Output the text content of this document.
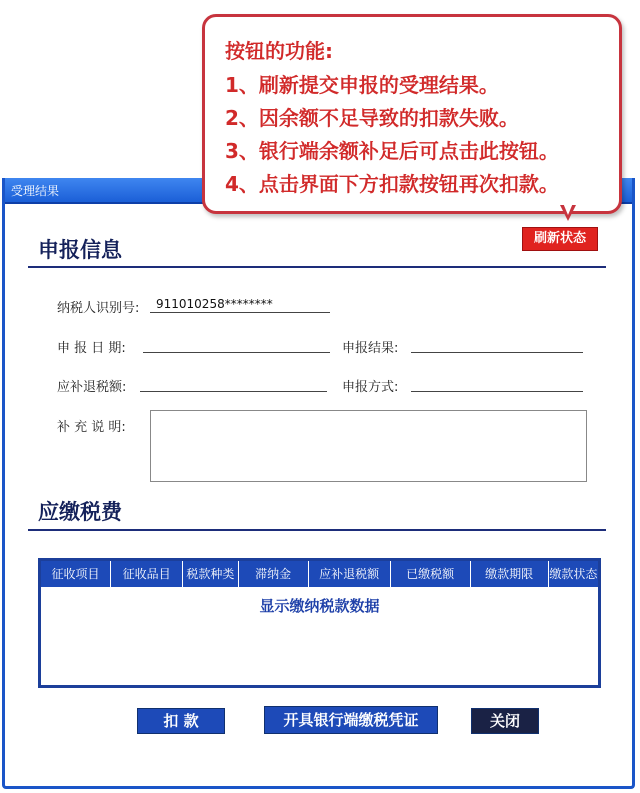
受理结果
申报信息	刷新状态
纳税人识别号: 911010258********
申 报 日 期:	申报结果:
应补退税额:	申报方式:
补 充 说 明:
应缴税费
征收项目	征收品目	税款种类	滞纳金	应补退税额	已缴税额	缴款期限	缴款状态
显示缴纳税款数据
扣 款	开具银行端缴税凭证	关闭
按钮的功能:
1、刷新提交申报的受理结果。
2、因余额不足导致的扣款失败。
3、银行端余额补足后可点击此按钮。
4、点击界面下方扣款按钮再次扣款。
